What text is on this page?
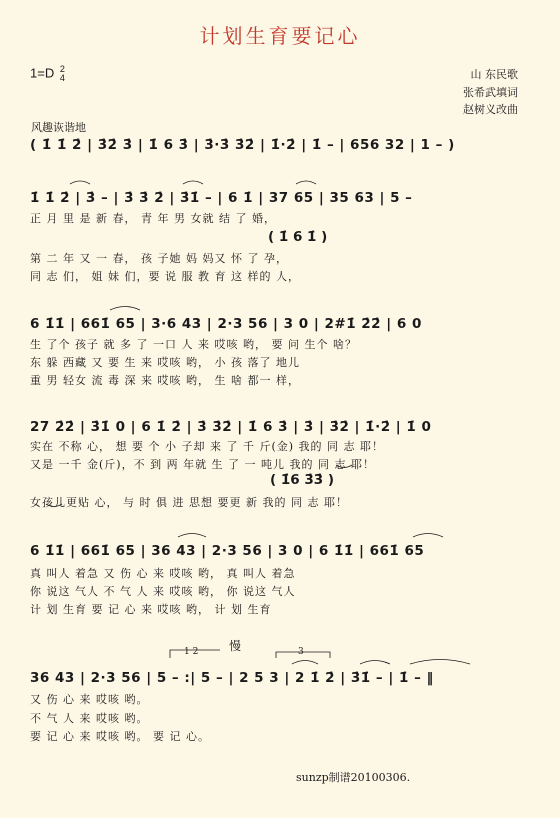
计划生育要记心
1=D 2
4	山 东民歌
张希武填词
赵树义改曲
风趣诙谐地
( 1̇ 1̇ 2̇ | 3̇2̇ 3̇ | 1̇ 6 3̇ | 3̇·3̇ 3̇2̇ | 1̇·2̇ | 1̇ – | 656 32 | 1 – )
1̇ 1̇ 2̇ | 3̇ – | 3̇ 3̇ 2̇ | 3̇1̇ – | 6 1̇ | 37 65 | 35 63 | 5 –
正 月 里 是 新 春， 青 年 男 女就 结 了 婚，
第 二 年 又 一 春， 孩 子她 妈 妈又 怀 了 孕，
同 志 们， 姐 妹 们，要 说 服 教 育 这 样的 人，
( 1̇ 6 1̇ )
6 1̇1̇ | 661̇ 65 | 3·6 43 | 2·3 56 | 3 0 | 2#1̇ 2̇2̇ | 6 0
生 了个 孩子 就 多 了 一口 人 来 哎咳 哟， 要 问 生个 啥？
东 躲 西藏 又 要 生 来 哎咳 哟， 小 孩 落了 地儿
重 男 轻女 流 毒 深 来 哎咳 哟， 生 啥 都一 样，
27 2̇2̇ | 3̇1̇ 0 | 6 1̇ 2̇ | 3̇ 3̇2̇ | 1̇ 6 3̇ | 3̇ | 3̇2̇ | 1̇·2̇ | 1̇ 0
实在 不称 心， 想 要 个 小 子却 来 了 千 斤(金) 我的 同 志 耶！
又是 一千 金(斤)，不 到 两 年就 生 了 一 吨儿 我的 同 志 耶！
( 1̇6 3̇3̇ )
女孩儿更贴 心， 与 时 俱 进 思想 要更 新 我的 同 志 耶！
6 1̇1̇ | 661̇ 65 | 36 43 | 2·3 56 | 3 0 | 6 1̇1̇ | 661̇ 65
真 叫人 着急 又 伤 心 来 哎咳 哟， 真 叫人 着急
你 说这 气人 不 气 人 来 哎咳 哟， 你 说这 气人
计 划 生育 要 记 心 来 哎咳 哟， 计 划 生育
慢
1 2	3
36 43 | 2·3 56 | 5 – :| 5 – | 2 5 3 | 2 1̇ 2̇ | 3̇1̇ – | 1̇ – ‖
又 伤 心 来 哎咳 哟。
不 气 人 来 哎咳 哟。
要 记 心 来 哎咳 哟。 要 记 心。
sunzp制谱20100306.
